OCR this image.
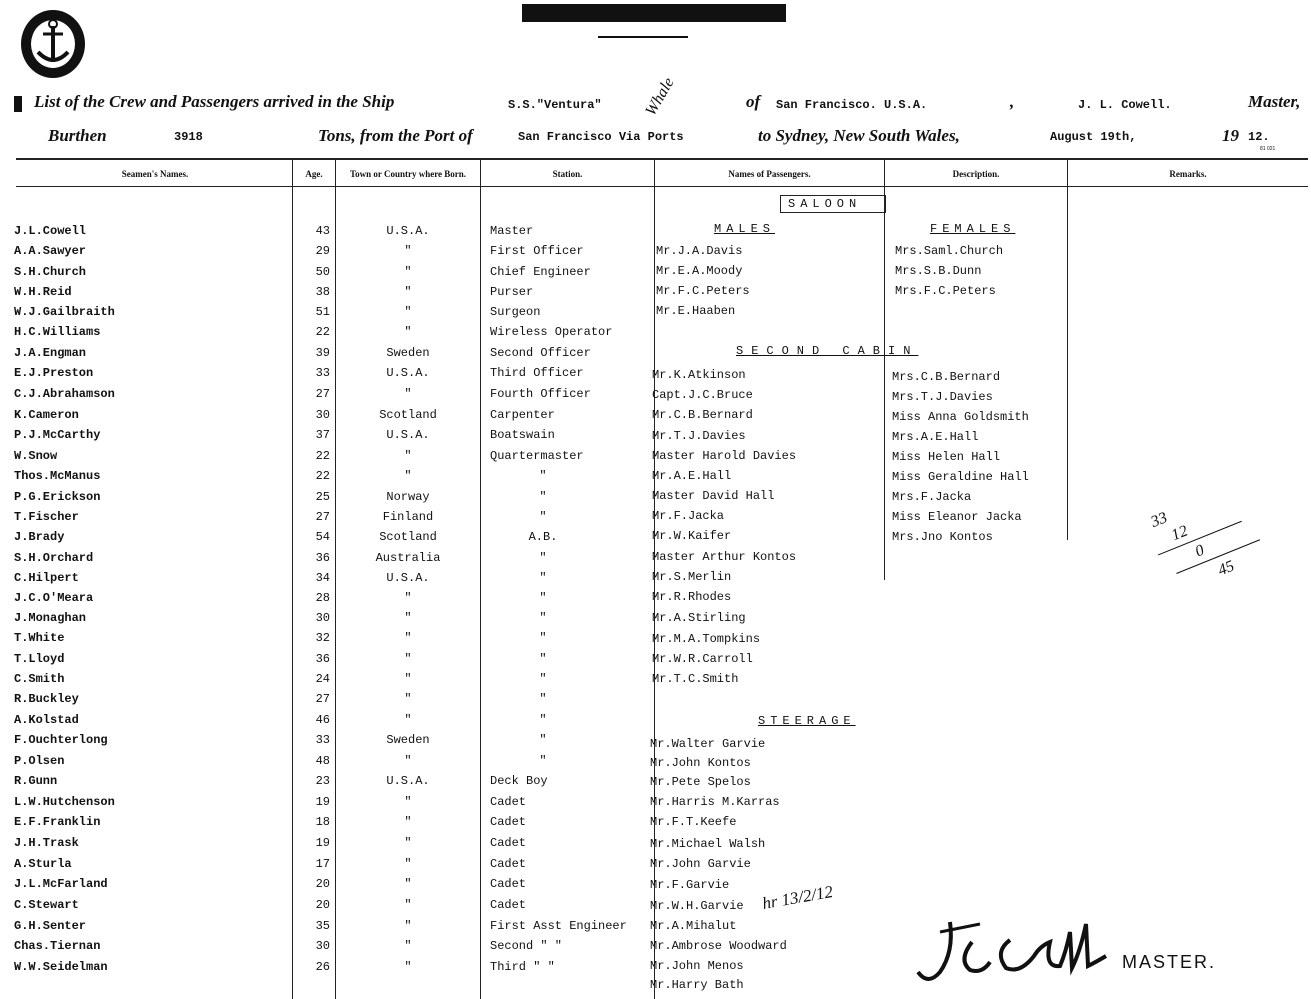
List of the Crew and Passengers arrived in the Ship	S.S."Ventura"	Whale	of San Francisco. U.S.A.	,	J. L. Cowell.	Master,
Burthen	3918	Tons, from the Port of	San Francisco Via Ports	to Sydney, New South Wales,	August 19th,	19 12.
81 021
Seamen's Names.	Age.	Town or Country where Born.	Station.	Names of Passengers.	Description.	Remarks.
SALOON
MALES	FEMALES
SECOND CABIN
STEERAGE
J.L.Cowell	43	U.S.A.	Master
A.A.Sawyer	29	"	First Officer
S.H.Church	50	"	Chief Engineer
W.H.Reid	38	"	Purser
W.J.Gailbraith	51	"	Surgeon
H.C.Williams	22	"	Wireless Operator
J.A.Engman	39	Sweden	Second Officer
E.J.Preston	33	U.S.A.	Third Officer
C.J.Abrahamson	27	"	Fourth Officer
K.Cameron	30	Scotland	Carpenter
P.J.McCarthy	37	U.S.A.	Boatswain
W.Snow	22	"	Quartermaster
Thos.McManus	22	"	"
P.G.Erickson	25	Norway	"
T.Fischer	27	Finland	"
J.Brady	54	Scotland	A.B.
S.H.Orchard	36	Australia	"
C.Hilpert	34	U.S.A.	"
J.C.O'Meara	28	"	"
J.Monaghan	30	"	"
T.White	32	"	"
T.Lloyd	36	"	"
C.Smith	24	"	"
R.Buckley	27	"	"
A.Kolstad	46	"	"
F.Ouchterlong	33	Sweden	"
P.Olsen	48	"	"
R.Gunn	23	U.S.A.	Deck Boy
L.W.Hutchenson	19	"	Cadet
E.F.Franklin	18	"	Cadet
J.H.Trask	19	"	Cadet
A.Sturla	17	"	Cadet
J.L.McFarland	20	"	Cadet
C.Stewart	20	"	Cadet
G.H.Senter	35	"	First Asst Engineer
Chas.Tiernan	30	"	Second " "
W.W.Seidelman	26	"	Third " "
Mr.J.A.Davis
Mr.E.A.Moody
Mr.F.C.Peters
Mr.E.Haaben
Mrs.Saml.Church
Mrs.S.B.Dunn
Mrs.F.C.Peters
Mr.K.Atkinson
Capt.J.C.Bruce
Mr.C.B.Bernard
Mr.T.J.Davies
Master Harold Davies
Mr.A.E.Hall
Master David Hall
Mr.F.Jacka
Mr.W.Kaifer
Master Arthur Kontos
Mr.S.Merlin
Mr.R.Rhodes
Mr.A.Stirling
Mr.M.A.Tompkins
Mr.W.R.Carroll
Mr.T.C.Smith
Mrs.C.B.Bernard
Mrs.T.J.Davies
Miss Anna Goldsmith
Mrs.A.E.Hall
Miss Helen Hall
Miss Geraldine Hall
Mrs.F.Jacka
Miss Eleanor Jacka
Mrs.Jno Kontos
Mr.Walter Garvie
Mr.John Kontos
Mr.Pete Spelos
Mr.Harris M.Karras
Mr.F.T.Keefe
Mr.Michael Walsh
Mr.John Garvie
Mr.F.Garvie
Mr.W.H.Garvie
Mr.A.Mihalut
Mr.Ambrose Woodward
Mr.John Menos
Mr.Harry Bath
33
12
0
45
hr 13/2/12
MASTER.
